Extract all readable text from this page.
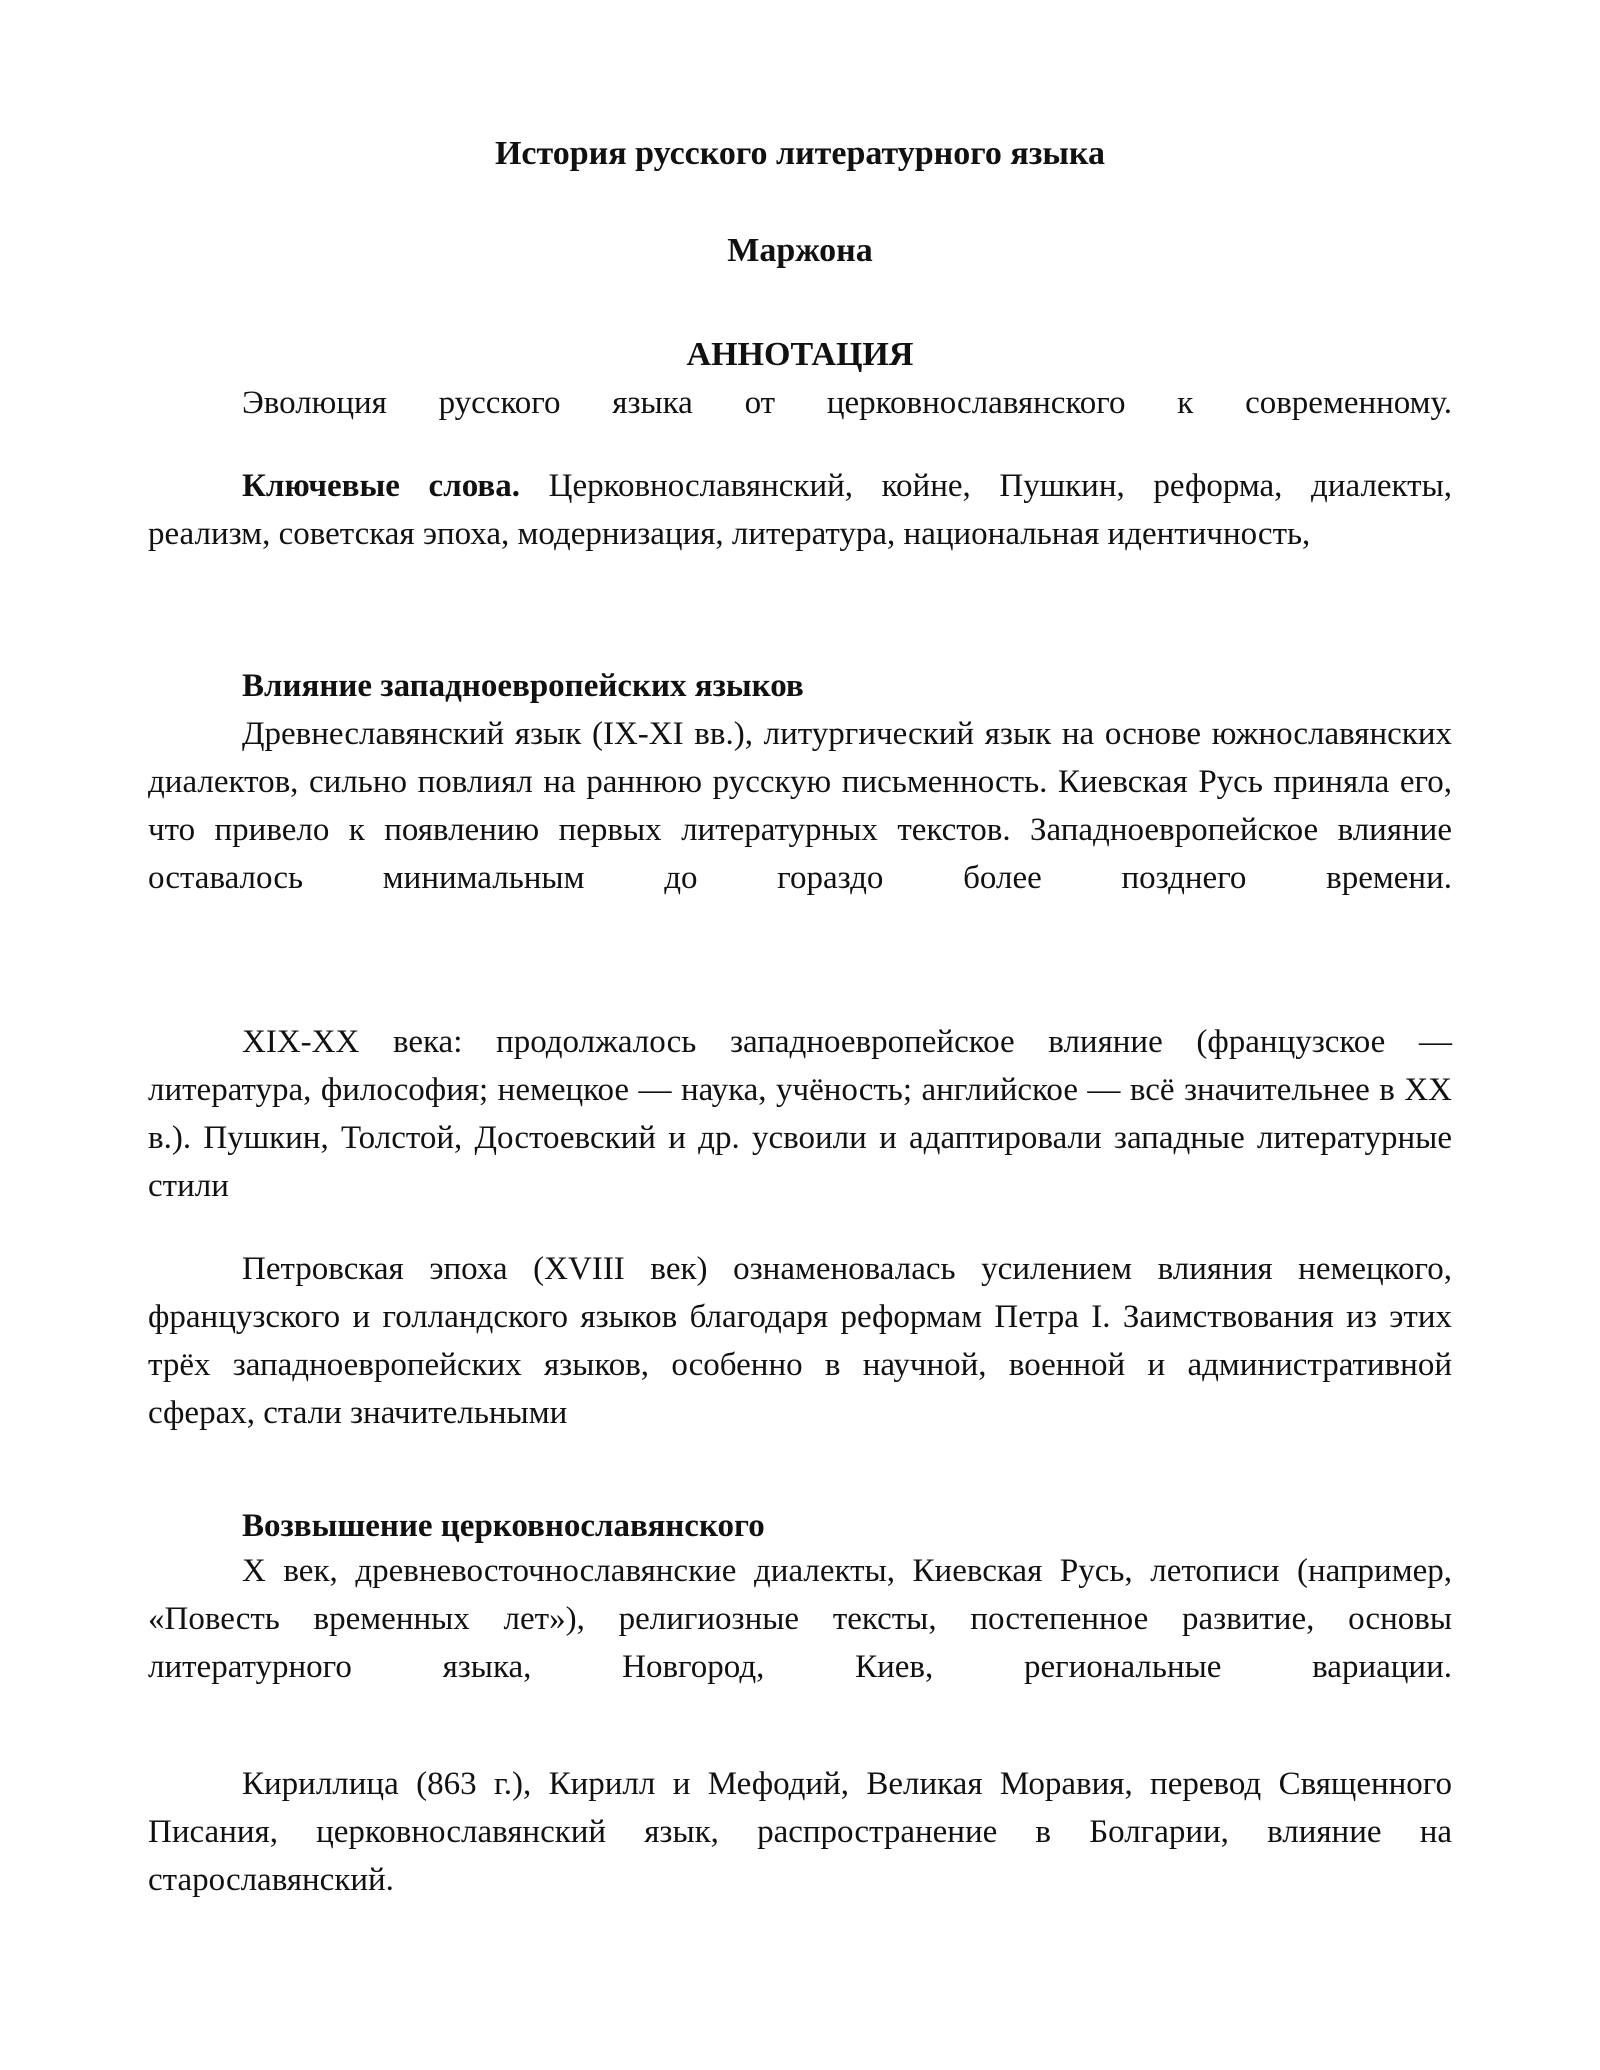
История русского литературного языка

Маржона

АННОТАЦИЯ

Эволюция русского языка от церковнославянского к современному.

Ключевые слова. Церковнославянский, койне, Пушкин, реформа, диалекты, реализм, советская эпоха, модернизация, литература, национальная идентичность,

Влияние западноевропейских языков

Древнеславянский язык (IX-XI вв.), литургический язык на основе южнославянских диалектов, сильно повлиял на раннюю русскую письменность. Киевская Русь приняла его, что привело к появлению первых литературных текстов. Западноевропейское влияние оставалось минимальным до гораздо более позднего времени.

XIX-XX века: продолжалось западноевропейское влияние (французское — литература, философия; немецкое — наука, учёность; английское — всё значительнее в XX в.). Пушкин, Толстой, Достоевский и др. усвоили и адаптировали западные литературные стили

Петровская эпоха (XVIII век) ознаменовалась усилением влияния немецкого, французского и голландского языков благодаря реформам Петра I. Заимствования из этих трёх западноевропейских языков, особенно в научной, военной и административной сферах, стали значительными

Возвышение церковнославянского

X век, древневосточнославянские диалекты, Киевская Русь, летописи (например, «Повесть временных лет»), религиозные тексты, постепенное развитие, основы литературного языка, Новгород, Киев, региональные вариации.

Кириллица (863 г.), Кирилл и Мефодий, Великая Моравия, перевод Священного Писания, церковнославянский язык, распространение в Болгарии, влияние на старославянский.
